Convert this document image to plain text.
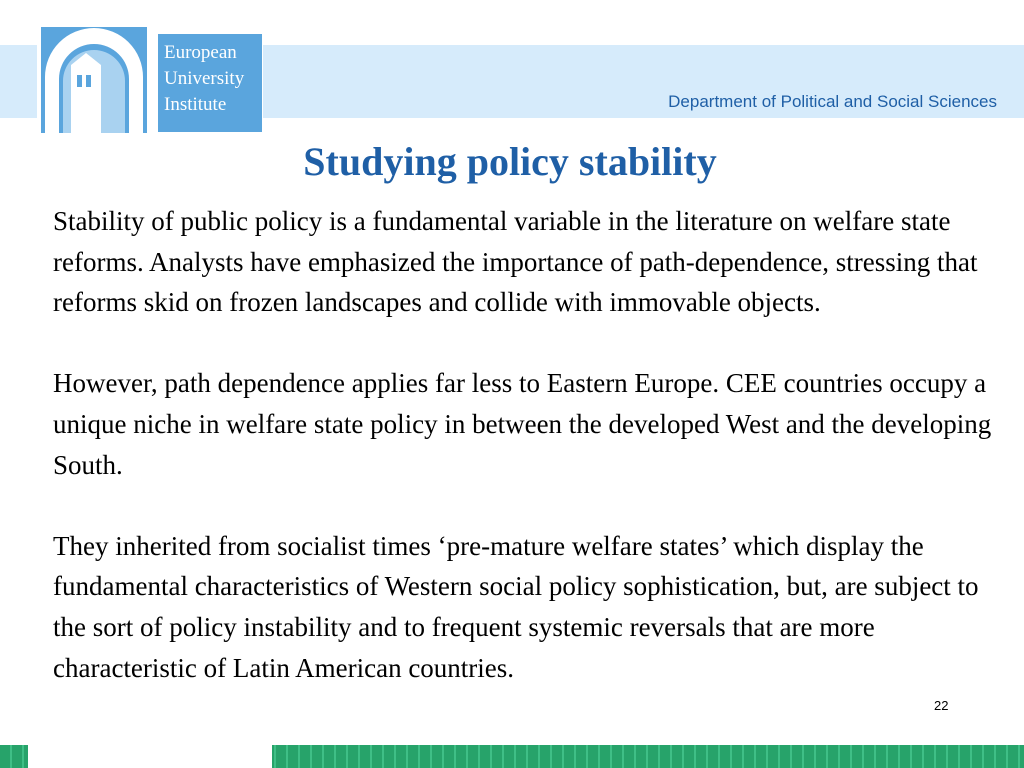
European
University
Institute	Department of Political and Social Sciences
Studying policy stability

Stability of public policy is a fundamental variable in the literature on welfare state reforms. Analysts have emphasized the importance of path-dependence, stressing that reforms skid on frozen landscapes and collide with immovable objects.

However, path dependence applies far less to Eastern Europe. CEE countries occupy a unique niche in welfare state policy in between the developed West and the developing South.

They inherited from socialist times ‘pre-mature welfare states’ which display the fundamental characteristics of Western social policy sophistication, but, are subject to the sort of policy instability and to frequent systemic reversals that are more characteristic of Latin American countries.

22
